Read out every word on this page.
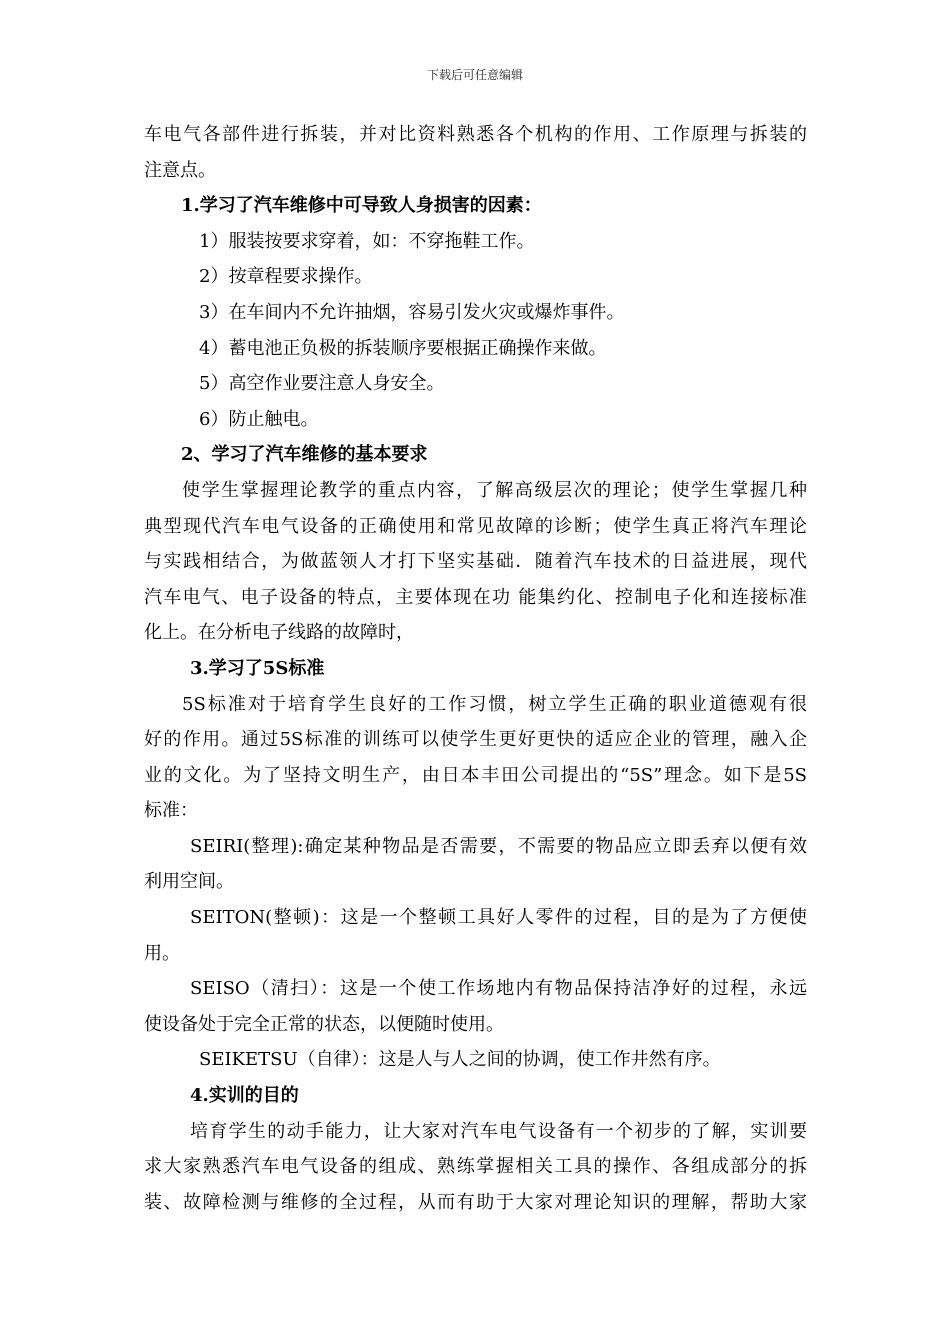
下载后可任意编辑
车电气各部件进行拆装，并对比资料熟悉各个机构的作用、工作原理与拆装的
注意点。
1.学习了汽车维修中可导致人身损害的因素：
1）服装按要求穿着，如：不穿拖鞋工作。
2）按章程要求操作。
3）在车间内不允许抽烟，容易引发火灾或爆炸事件。
4）蓄电池正负极的拆装顺序要根据正确操作来做。
5）高空作业要注意人身安全。
6）防止触电。
2、学习了汽车维修的基本要求
使学生掌握理论教学的重点内容，了解高级层次的理论；使学生掌握几种
典型现代汽车电气设备的正确使用和常见故障的诊断；使学生真正将汽车理论
与实践相结合，为做蓝领人才打下坚实基础．随着汽车技术的日益进展，现代
汽车电气、电子设备的特点，主要体现在功 能集约化、控制电子化和连接标准
化上。在分析电子线路的故障时，
3.学习了5S标准
5S标准对于培育学生良好的工作习惯，树立学生正确的职业道德观有很
好的作用。通过5S标准的训练可以使学生更好更快的适应企业的管理，融入企
业的文化。为了坚持文明生产，由日本丰田公司提出的“5S”理念。如下是5S
标准：
SEIRI(整理):确定某种物品是否需要，不需要的物品应立即丢弃以便有效
利用空间。
SEITON(整顿)：这是一个整顿工具好人零件的过程，目的是为了方便使
用。
SEISO（清扫）：这是一个使工作场地内有物品保持洁净好的过程，永远
使设备处于完全正常的状态，以便随时使用。
SEIKETSU（自律）：这是人与人之间的协调，使工作井然有序。
4.实训的目的
培育学生的动手能力，让大家对汽车电气设备有一个初步的了解，实训要
求大家熟悉汽车电气设备的组成、熟练掌握相关工具的操作、各组成部分的拆
装、故障检测与维修的全过程，从而有助于大家对理论知识的理解，帮助大家
